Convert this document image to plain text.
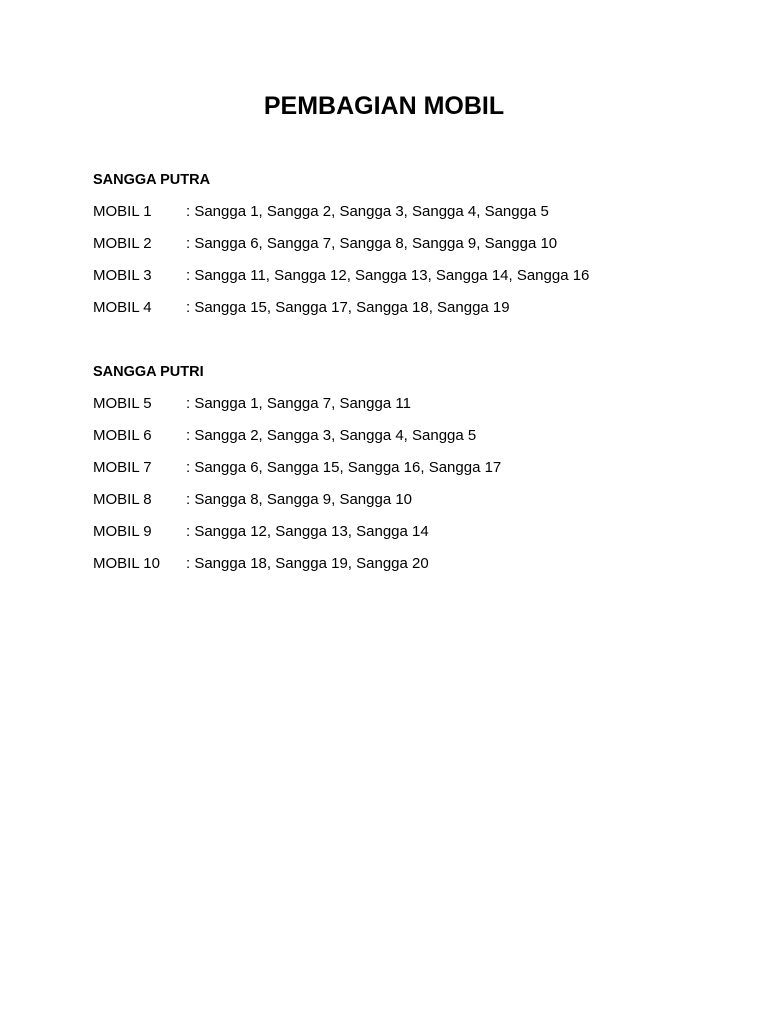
PEMBAGIAN MOBIL
SANGGA PUTRA
MOBIL 1	: Sangga 1, Sangga 2, Sangga 3, Sangga 4, Sangga 5
MOBIL 2	: Sangga 6, Sangga 7, Sangga 8, Sangga 9, Sangga 10
MOBIL 3	: Sangga 11, Sangga 12, Sangga 13, Sangga 14, Sangga 16
MOBIL 4	: Sangga 15, Sangga 17, Sangga 18, Sangga 19
SANGGA PUTRI
MOBIL 5	: Sangga 1, Sangga 7, Sangga 11
MOBIL 6	: Sangga 2, Sangga 3, Sangga 4, Sangga 5
MOBIL 7	: Sangga 6, Sangga 15, Sangga 16, Sangga 17
MOBIL 8	: Sangga 8, Sangga 9, Sangga 10
MOBIL 9	: Sangga 12, Sangga 13, Sangga 14
MOBIL 10	: Sangga 18, Sangga 19, Sangga 20
